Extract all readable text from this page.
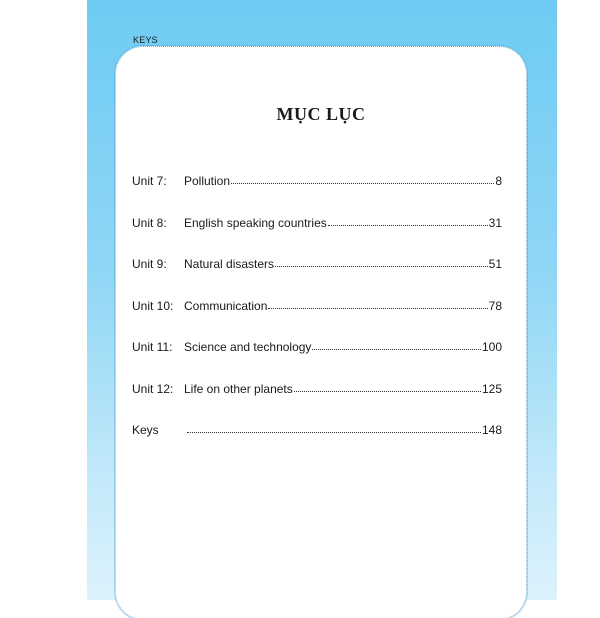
KEYS
MỤC LỤC
Unit 7:	Pollution	8
Unit 8:	English speaking countries	31
Unit 9:	Natural disasters	51
Unit 10: Communication	78
Unit 11: Science and technology	100
Unit 12: Life on other planets	125
Keys	148
